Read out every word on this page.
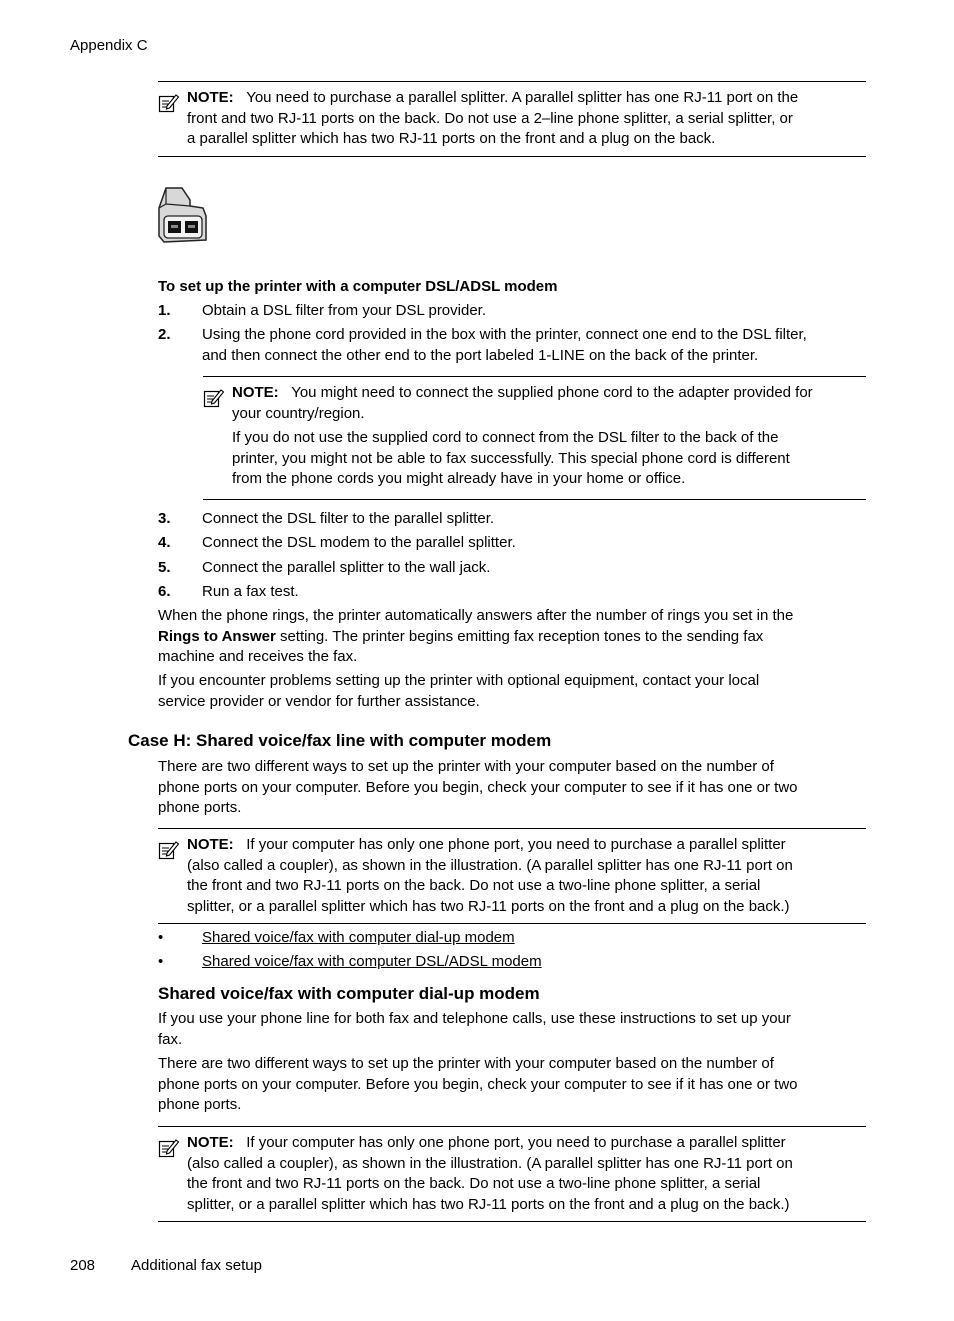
Appendix C
NOTE: You need to purchase a parallel splitter. A parallel splitter has one RJ-11 port on the
front and two RJ-11 ports on the back. Do not use a 2–line phone splitter, a serial splitter, or
a parallel splitter which has two RJ-11 ports on the front and a plug on the back.
To set up the printer with a computer DSL/ADSL modem
1. Obtain a DSL filter from your DSL provider.
2. Using the phone cord provided in the box with the printer, connect one end to the DSL filter,
and then connect the other end to the port labeled 1-LINE on the back of the printer.
NOTE: You might need to connect the supplied phone cord to the adapter provided for
your country/region.
If you do not use the supplied cord to connect from the DSL filter to the back of the
printer, you might not be able to fax successfully. This special phone cord is different
from the phone cords you might already have in your home or office.
3. Connect the DSL filter to the parallel splitter.
4. Connect the DSL modem to the parallel splitter.
5. Connect the parallel splitter to the wall jack.
6. Run a fax test.
When the phone rings, the printer automatically answers after the number of rings you set in the
Rings to Answer setting. The printer begins emitting fax reception tones to the sending fax
machine and receives the fax.
If you encounter problems setting up the printer with optional equipment, contact your local
service provider or vendor for further assistance.
Case H: Shared voice/fax line with computer modem
There are two different ways to set up the printer with your computer based on the number of
phone ports on your computer. Before you begin, check your computer to see if it has one or two
phone ports.
NOTE: If your computer has only one phone port, you need to purchase a parallel splitter
(also called a coupler), as shown in the illustration. (A parallel splitter has one RJ-11 port on
the front and two RJ-11 ports on the back. Do not use a two-line phone splitter, a serial
splitter, or a parallel splitter which has two RJ-11 ports on the front and a plug on the back.)
•	Shared voice/fax with computer dial-up modem
•	Shared voice/fax with computer DSL/ADSL modem
Shared voice/fax with computer dial-up modem
If you use your phone line for both fax and telephone calls, use these instructions to set up your
fax.
There are two different ways to set up the printer with your computer based on the number of
phone ports on your computer. Before you begin, check your computer to see if it has one or two
phone ports.
NOTE: If your computer has only one phone port, you need to purchase a parallel splitter
(also called a coupler), as shown in the illustration. (A parallel splitter has one RJ-11 port on
the front and two RJ-11 ports on the back. Do not use a two-line phone splitter, a serial
splitter, or a parallel splitter which has two RJ-11 ports on the front and a plug on the back.)
208 Additional fax setup
